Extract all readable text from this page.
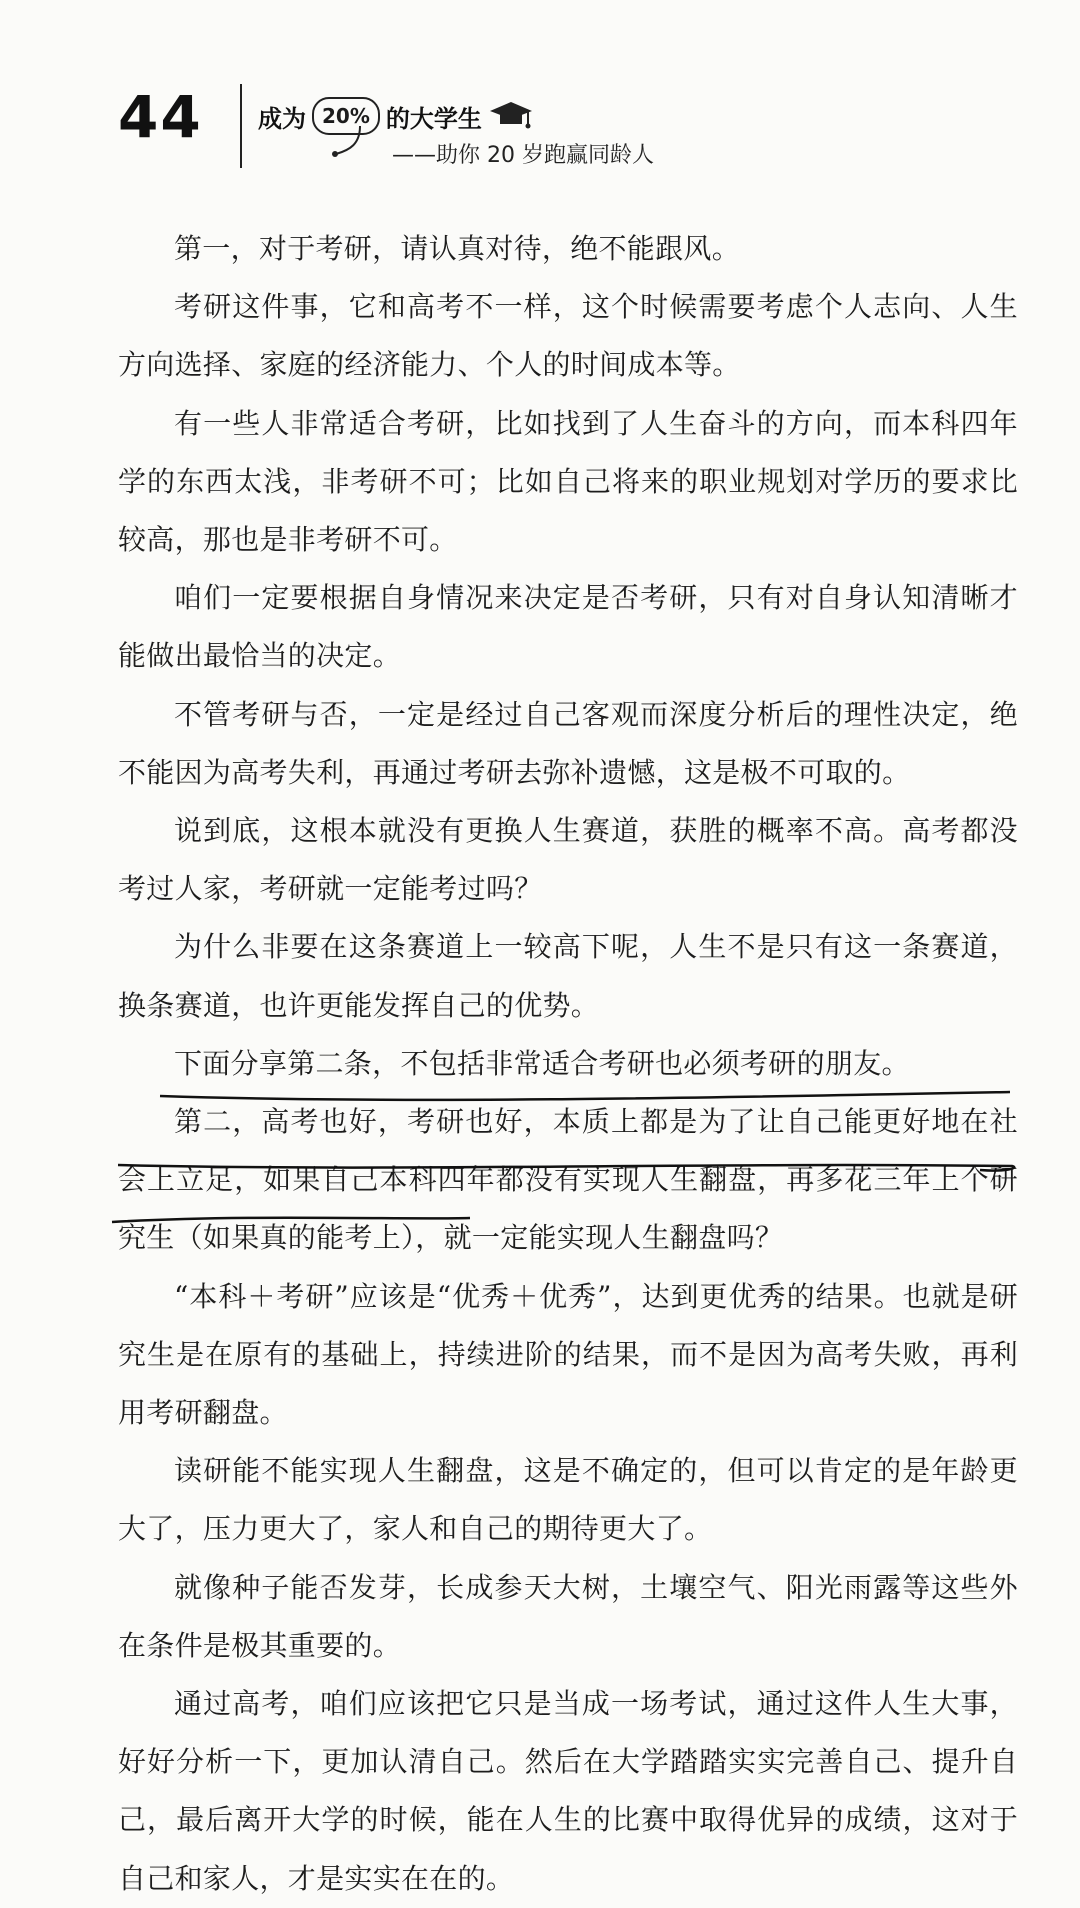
44 成为 20% 的大学生
——助你 20 岁跑赢同龄人

第一，对于考研，请认真对待，绝不能跟风。

考研这件事，它和高考不一样，这个时候需要考虑个人志向、人生方向选择、家庭的经济能力、个人的时间成本等。

有一些人非常适合考研，比如找到了人生奋斗的方向，而本科四年学的东西太浅，非考研不可；比如自己将来的职业规划对学历的要求比较高，那也是非考研不可。

咱们一定要根据自身情况来决定是否考研，只有对自身认知清晰才能做出最恰当的决定。

不管考研与否，一定是经过自己客观而深度分析后的理性决定，绝不能因为高考失利，再通过考研去弥补遗憾，这是极不可取的。

说到底，这根本就没有更换人生赛道，获胜的概率不高。高考都没考过人家，考研就一定能考过吗？

为什么非要在这条赛道上一较高下呢，人生不是只有这一条赛道，换条赛道，也许更能发挥自己的优势。

下面分享第二条，不包括非常适合考研也必须考研的朋友。

第二，高考也好，考研也好，本质上都是为了让自己能更好地在社会上立足，如果自己本科四年都没有实现人生翻盘，再多花三年上个研究生（如果真的能考上），就一定能实现人生翻盘吗？

“本科＋考研”应该是“优秀＋优秀”，达到更优秀的结果。也就是研究生是在原有的基础上，持续进阶的结果，而不是因为高考失败，再利用考研翻盘。

读研能不能实现人生翻盘，这是不确定的，但可以肯定的是年龄更大了，压力更大了，家人和自己的期待更大了。

就像种子能否发芽，长成参天大树，土壤空气、阳光雨露等这些外在条件是极其重要的。

通过高考，咱们应该把它只是当成一场考试，通过这件人生大事，好好分析一下，更加认清自己。然后在大学踏踏实实完善自己、提升自己，最后离开大学的时候，能在人生的比赛中取得优异的成绩，这对于自己和家人，才是实实在在的。
